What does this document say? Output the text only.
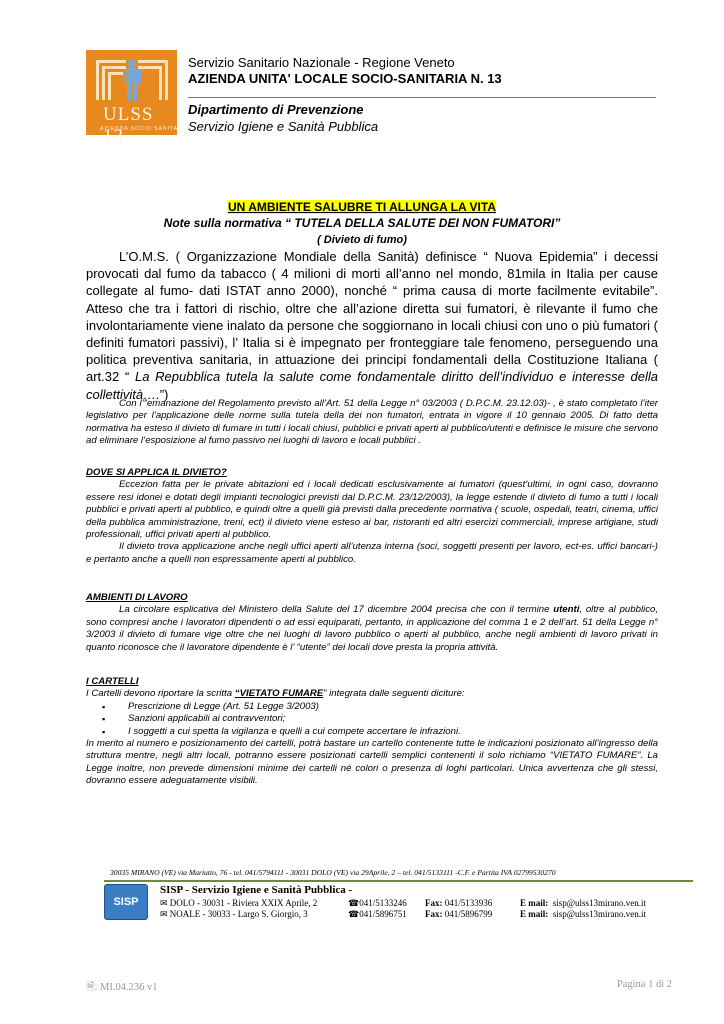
ULSS 13
AZIENDA SOCIO SANITARIA
Servizio Sanitario Nazionale - Regione Veneto
AZIENDA UNITA' LOCALE SOCIO-SANITARIA N. 13
Dipartimento di Prevenzione
Servizio Igiene e Sanità Pubblica
UN AMBIENTE SALUBRE TI ALLUNGA LA VITA
Note sulla normativa “ TUTELA DELLA SALUTE DEI NON FUMATORI”
( Divieto di fumo)
L’O.M.S. ( Organizzazione Mondiale della Sanità) definisce “ Nuova Epidemia” i decessi provocati dal fumo da tabacco ( 4 milioni di morti all’anno nel mondo, 81mila in Italia per cause collegate al fumo- dati ISTAT anno 2000), nonché “ prima causa di morte facilmente evitabile”. Atteso che tra i fattori di rischio, oltre che all’azione diretta sui fumatori, è rilevante il fumo che involontariamente viene inalato da persone che soggiornano in locali chiusi con uno o più fumatori ( definiti fumatori passivi), l’ Italia si è impegnato per fronteggiare tale fenomeno, perseguendo una politica preventiva sanitaria, in attuazione dei principi fondamentali della Costituzione Italiana ( art.32 “ La Repubblica tutela la salute come fondamentale diritto dell’individuo e interesse della collettività….”)

Con l’”emanazione del Regolamento previsto all’Art. 51 della Legge n° 03/2003 ( D.P.C.M. 23.12.03)- , è stato completato l’iter legislativo per l’applicazione delle norme sulla tutela della dei non fumatori, entrata in vigore il 10 gennaio 2005. Di fatto detta normativa ha esteso il divieto di fumare in tutti i locali chiusi, pubblici e privati aperti al pubblico/utenti e definisce le misure che servono ad eliminare l’esposizione al fumo passivo nei luoghi di lavoro e locali pubblici .

DOVE SI APPLICA IL DIVIETO?

Eccezion fatta per le private abitazioni ed i locali dedicati esclusivamente ai fumatori (quest’ultimi, in ogni caso, dovranno essere resi idonei e dotati degli impianti tecnologici previsti dal D.P.C.M. 23/12/2003), la legge estende il divieto di fumo a tutti i locali pubblici e privati aperti al pubblico, e quindi oltre a quelli già previsti dalla precedente normativa ( scuole, ospedali, teatri, cinema, uffici della pubblica amministrazione, treni, ect) il divieto viene esteso ai bar, ristoranti ed altri esercizi commerciali, imprese artigiane, studi professionali, uffici privati aperti al pubblico.

Il divieto trova applicazione anche negli uffici aperti all’utenza interna (soci, soggetti presenti per lavoro, ect-es. uffici bancari-) e pertanto anche a quelli non espressamente aperti al pubblico.

AMBIENTI DI LAVORO

La circolare esplicativa del Ministero della Salute del 17 dicembre 2004 precisa che con il termine utenti, oltre al pubblico, sono compresi anche i lavoratori dipendenti o ad essi equiparati, pertanto, in applicazione del comma 1 e 2 dell’art. 51 della Legge n° 3/2003 il divieto di fumare vige oltre che nei luoghi di lavoro pubblico o aperti al pubblico, anche negli ambienti di lavoro privati in quanto riconosce che il lavoratore dipendente è l’ “utente” dei locali dove presta la propria attività.

I CARTELLI

I Cartelli devono riportare la scritta “VIETATO FUMARE” integrata dalle seguenti diciture:

▪ Prescrizione di Legge (Art. 51 Legge 3/2003)
▪ Sanzioni applicabili ai contravventori;
▪ I soggetti a cui spetta la vigilanza e quelli a cui compete accertare le infrazioni.

In merito al numero e posizionamento dei cartelli, potrà bastare un cartello contenente tutte le indicazioni posizionato all’ingresso della struttura mentre, negli altri locali, potranno essere posizionati cartelli semplici contenenti il solo richiamo “VIETATO FUMARE”. La Legge inoltre, non prevede dimensioni minime dei cartelli né colori o presenza di loghi particolari. Unica avvertenza che gli stessi, dovranno essere adeguatamente visibili.

30035 MIRANO (VE) via Mariutto, 76 - tel. 041/5794111 - 30031 DOLO (VE) via 29Aprile, 2 – tel. 041/5133111 -C.F. e Partita IVA 02799530270
SISP
SISP - Servizio Igiene e Sanità Pubblica -
✉ DOLO - 30031 - Riviera XXIX Aprile, 2	☎041/5133246 Fax: 041/5133936	E mail: sisp@ulss13mirano.ven.it
✉ NOALE - 30033 - Largo S. Giorgio, 3	☎041/5896751 Fax: 041/5896799	E mail: sisp@ulss13mirano.ven.it
🗎: MI.04.236 v1	Pagina 1 di 2
